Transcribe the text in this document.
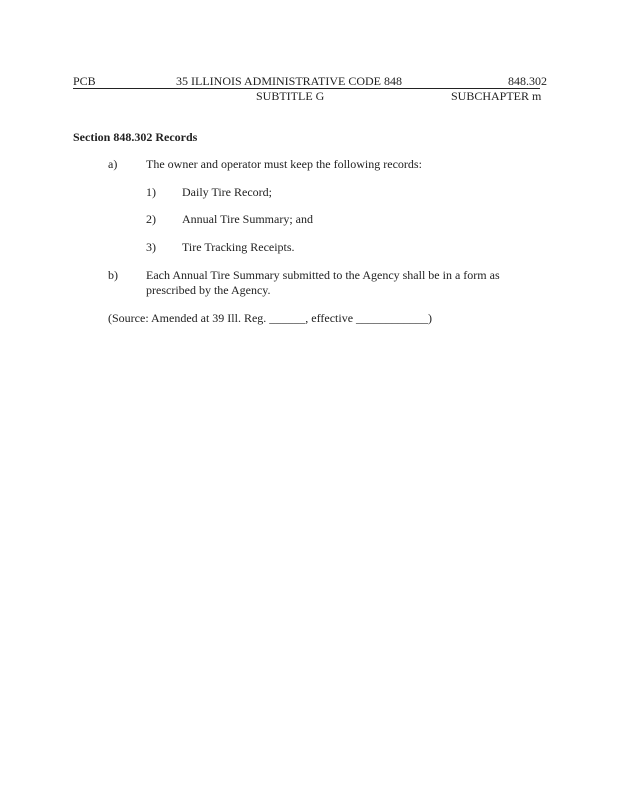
PCB	35 ILLINOIS ADMINISTRATIVE CODE 848	848.302
SUBTITLE G	SUBCHAPTER m
Section 848.302 Records
a) The owner and operator must keep the following records:
1) Daily Tire Record;
2) Annual Tire Summary; and
3) Tire Tracking Receipts.
b) Each Annual Tire Summary submitted to the Agency shall be in a form as
prescribed by the Agency.
(Source: Amended at 39 Ill. Reg. ______, effective ____________)
